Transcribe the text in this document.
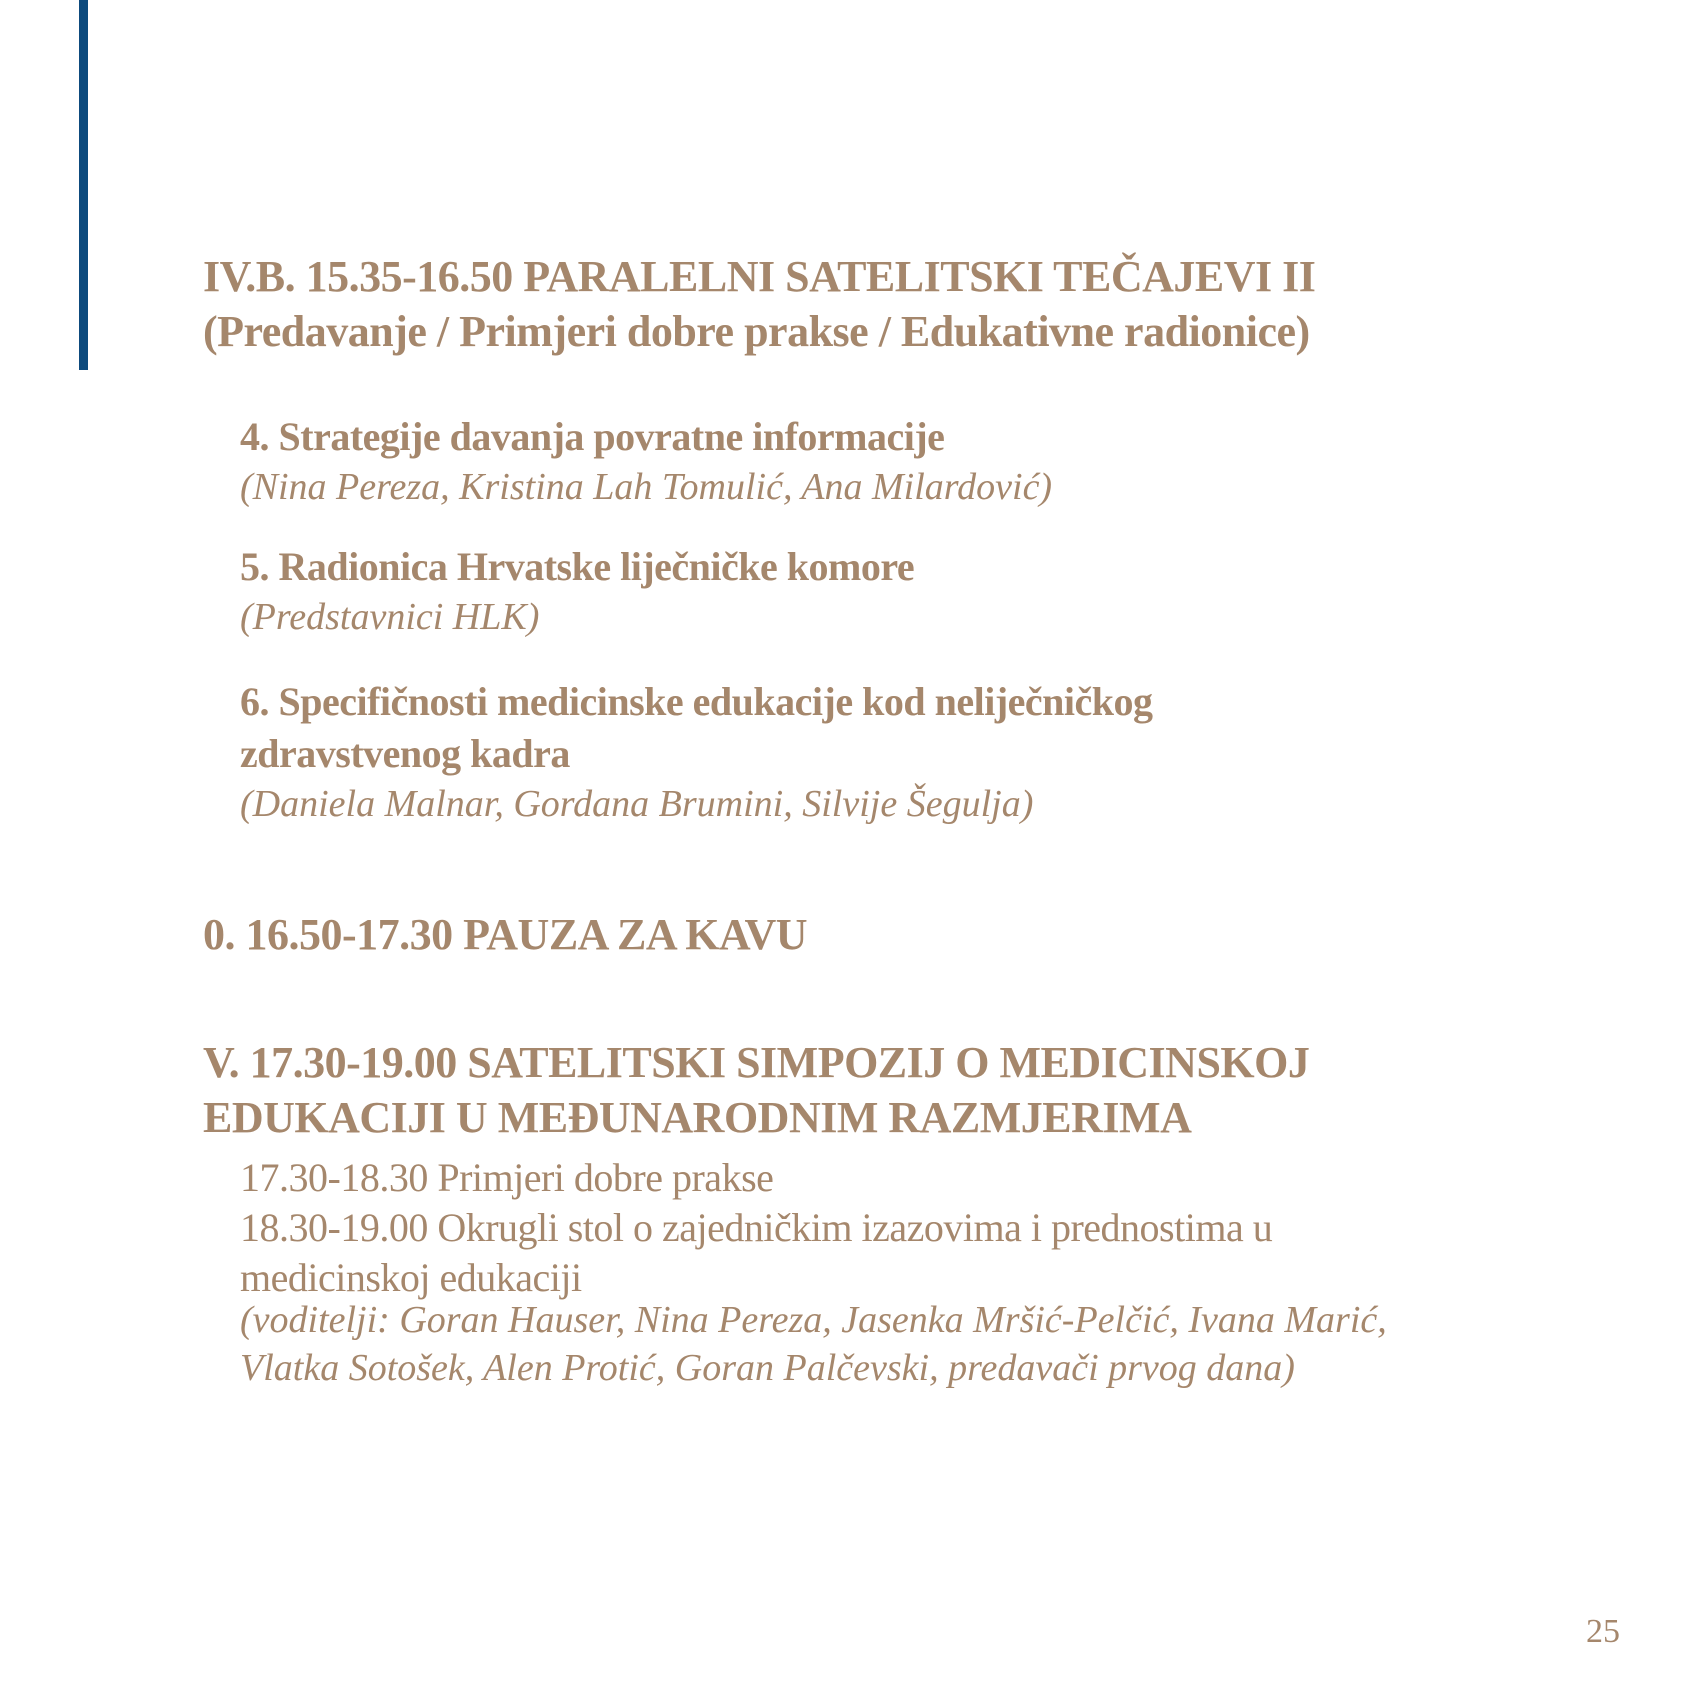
IV.B. 15.35-16.50 PARALELNI SATELITSKI TEČAJEVI II
(Predavanje / Primjeri dobre prakse / Edukativne radionice)
4. Strategije davanja povratne informacije
(Nina Pereza, Kristina Lah Tomulić, Ana Milardović)
5. Radionica Hrvatske liječničke komore
(Predstavnici HLK)
6. Specifičnosti medicinske edukacije kod neliječničkog
zdravstvenog kadra
(Daniela Malnar, Gordana Brumini, Silvije Šegulja)
0. 16.50-17.30 PAUZA ZA KAVU
V. 17.30-19.00 SATELITSKI SIMPOZIJ O MEDICINSKOJ
EDUKACIJI U MEĐUNARODNIM RAZMJERIMA
17.30-18.30 Primjeri dobre prakse
18.30-19.00 Okrugli stol o zajedničkim izazovima i prednostima u
medicinskoj edukaciji
(voditelji: Goran Hauser, Nina Pereza, Jasenka Mršić-Pelčić, Ivana Marić,
Vlatka Sotošek, Alen Protić, Goran Palčevski, predavači prvog dana)
25
